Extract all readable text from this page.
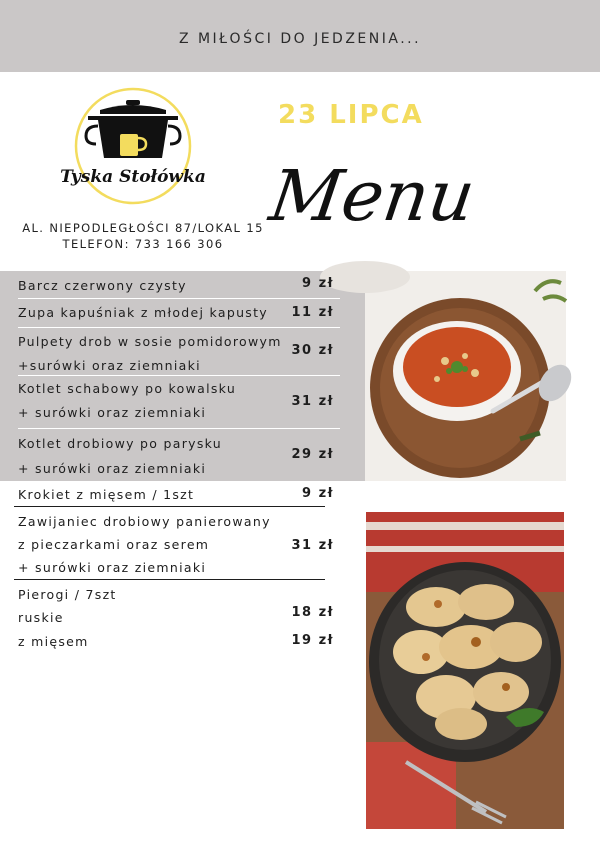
Z MIŁOŚCI DO JEDZENIA...
Tyska Stołówka
AL. NIEPODLEGŁOŚCI 87/LOKAL 15
TELEFON: 733 166 306
23 LIPCA
Menu
Barcz czerwony czysty	9 zł
Zupa kapuśniak z młodej kapusty	11 zł
Pulpety drob w sosie pomidorowym
+surówki oraz ziemniaki
30 zł
Kotlet schabowy po kowalsku
+ surówki oraz ziemniaki
31 zł
Kotlet drobiowy po parysku
+ surówki oraz ziemniaki
29 zł
Krokiet z mięsem / 1szt	9 zł
Zawijaniec drobiowy panierowany
z pieczarkami oraz serem
+ surówki oraz ziemniaki
31 zł
Pierogi / 7szt
ruskie	18 zł
z mięsem	19 zł
